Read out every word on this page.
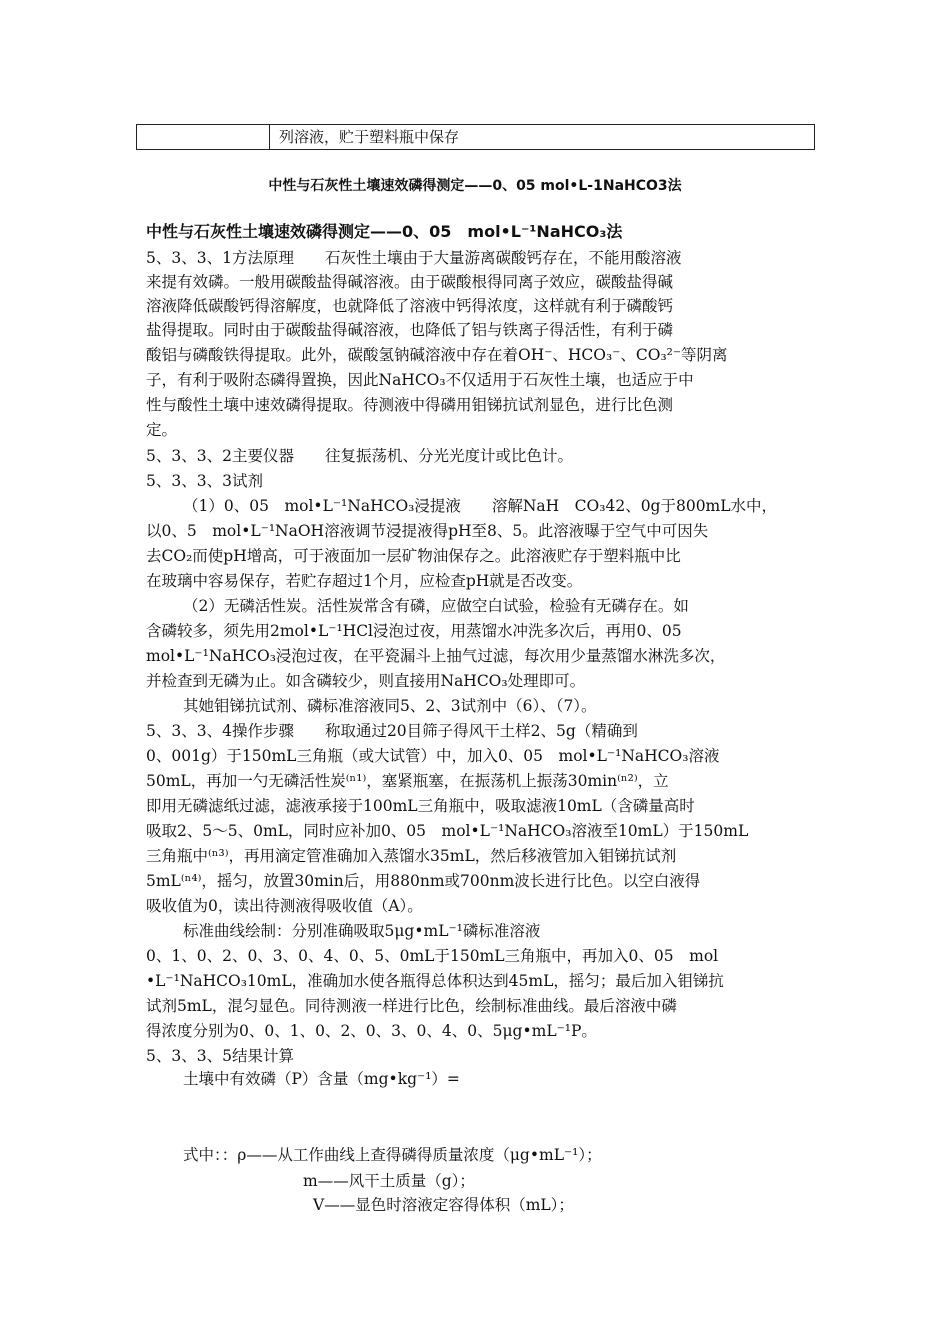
列溶液，贮于塑料瓶中保存
中性与石灰性土壤速效磷得测定——0、05 mol•L-1NaHCO3法
中性与石灰性土壤速效磷得测定——0、05　mol•L⁻¹NaHCO₃法
5、3、3、1方法原理　　石灰性土壤由于大量游离碳酸钙存在，不能用酸溶液
来提有效磷。一般用碳酸盐得碱溶液。由于碳酸根得同离子效应，碳酸盐得碱
溶液降低碳酸钙得溶解度，也就降低了溶液中钙得浓度，这样就有利于磷酸钙
盐得提取。同时由于碳酸盐得碱溶液，也降低了铝与铁离子得活性，有利于磷
酸铝与磷酸铁得提取。此外，碳酸氢钠碱溶液中存在着OH⁻、HCO₃⁻、CO₃²⁻等阴离
子，有利于吸附态磷得置换，因此NaHCO₃不仅适用于石灰性土壤，也适应于中
性与酸性土壤中速效磷得提取。待测液中得磷用钼锑抗试剂显色，进行比色测
定。
5、3、3、2主要仪器　　往复振荡机、分光光度计或比色计。
5、3、3、3试剂
（1）0、05　mol•L⁻¹NaHCO₃浸提液　　溶解NaH　CO₃42、0g于800mL水中，
以0、5　mol•L⁻¹NaOH溶液调节浸提液得pH至8、5。此溶液曝于空气中可因失
去CO₂而使pH增高，可于液面加一层矿物油保存之。此溶液贮存于塑料瓶中比
在玻璃中容易保存，若贮存超过1个月，应检查pH就是否改变。
（2）无磷活性炭。活性炭常含有磷，应做空白试验，检验有无磷存在。如
含磷较多，须先用2mol•L⁻¹HCl浸泡过夜，用蒸馏水冲洗多次后，再用0、05
mol•L⁻¹NaHCO₃浸泡过夜，在平瓷漏斗上抽气过滤，每次用少量蒸馏水淋洗多次，
并检查到无磷为止。如含磷较少，则直接用NaHCO₃处理即可。
其她钼锑抗试剂、磷标准溶液同5、2、3试剂中（6）、（7）。
5、3、3、4操作步骤　　称取通过20目筛子得风干土样2、5g（精确到
0、001g）于150mL三角瓶（或大试管）中，加入0、05　mol•L⁻¹NaHCO₃溶液
50mL，再加一勺无磷活性炭⁽ⁿ¹⁾，塞紧瓶塞，在振荡机上振荡30min⁽ⁿ²⁾，立
即用无磷滤纸过滤，滤液承接于100mL三角瓶中，吸取滤液10mL（含磷量高时
吸取2、5～5、0mL，同时应补加0、05　mol•L⁻¹NaHCO₃溶液至10mL）于150mL
三角瓶中⁽ⁿ³⁾，再用滴定管准确加入蒸馏水35mL，然后移液管加入钼锑抗试剂
5mL⁽ⁿ⁴⁾，摇匀，放置30min后，用880nm或700nm波长进行比色。以空白液得
吸收值为0，读出待测液得吸收值（A）。
标准曲线绘制：分别准确吸取5μg•mL⁻¹磷标准溶液
0、1、0、2、0、3、0、4、0、5、0mL于150mL三角瓶中，再加入0、05　mol
•L⁻¹NaHCO₃10mL，准确加水使各瓶得总体积达到45mL，摇匀；最后加入钼锑抗
试剂5mL，混匀显色。同待测液一样进行比色，绘制标准曲线。最后溶液中磷
得浓度分别为0、0、1、0、2、0、3、0、4、0、5μg•mL⁻¹P。
5、3、3、5结果计算
土壤中有效磷（P）含量（mg•kg⁻¹）=
式中：：ρ——从工作曲线上查得磷得质量浓度（μg•mL⁻¹）；
m——风干土质量（g）；
V——显色时溶液定容得体积（mL）；
